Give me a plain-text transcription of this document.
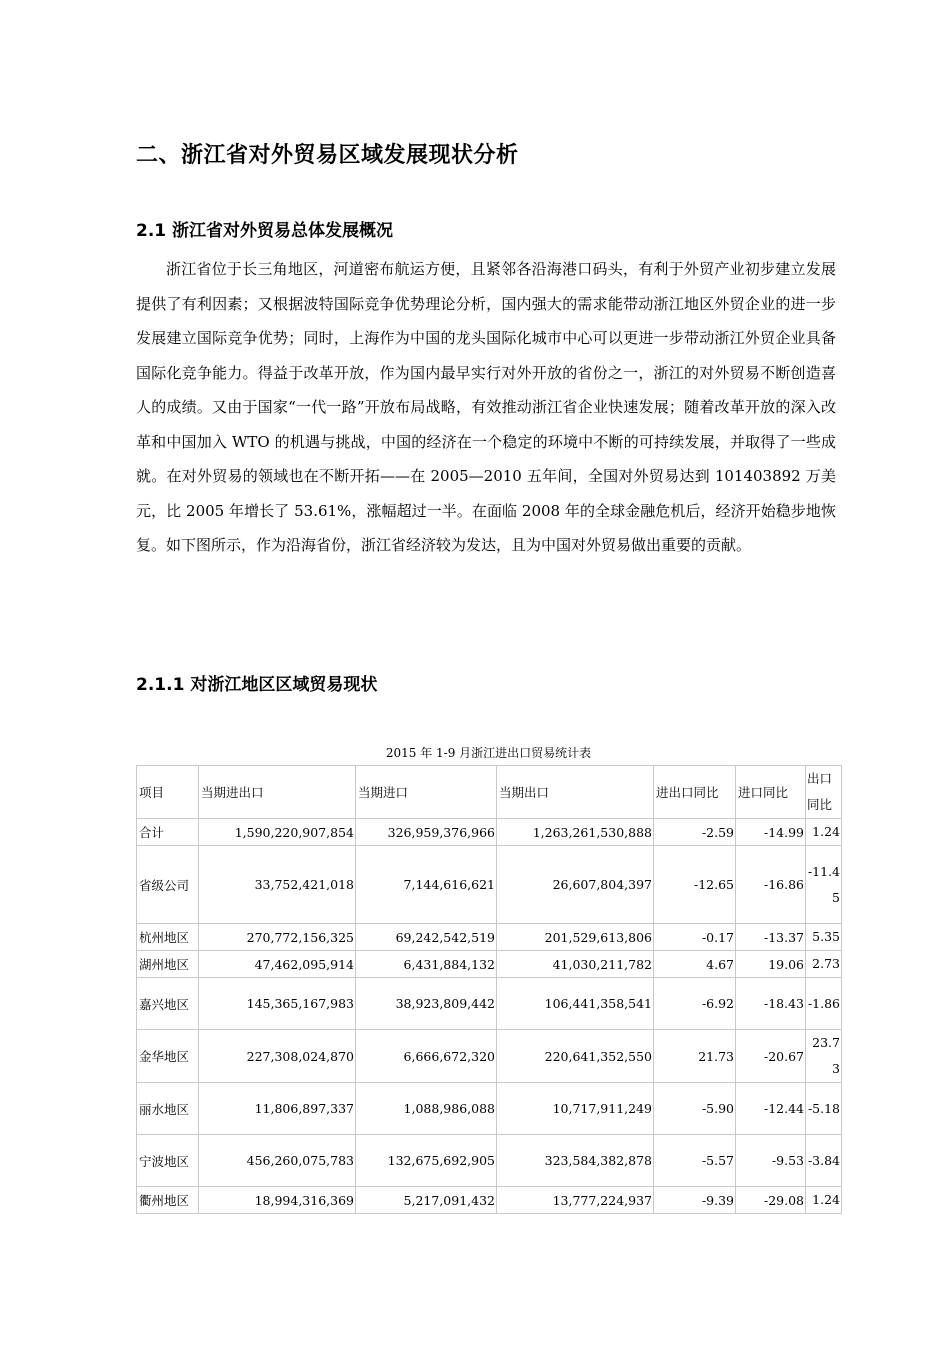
二、浙江省对外贸易区域发展现状分析
2.1 浙江省对外贸易总体发展概况
浙江省位于长三角地区，河道密布航运方便，且紧邻各沿海港口码头，有利于外贸产业初步建立发展提供了有利因素；又根据波特国际竞争优势理论分析，国内强大的需求能带动浙江地区外贸企业的进一步发展建立国际竞争优势；同时，上海作为中国的龙头国际化城市中心可以更进一步带动浙江外贸企业具备国际化竞争能力。得益于改革开放，作为国内最早实行对外开放的省份之一，浙江的对外贸易不断创造喜人的成绩。又由于国家“一代一路”开放布局战略，有效推动浙江省企业快速发展；随着改革开放的深入改革和中国加入 WTO 的机遇与挑战，中国的经济在一个稳定的环境中不断的可持续发展，并取得了一些成就。在对外贸易的领域也在不断开拓——在 2005—2010 五年间，全国对外贸易达到 101403892 万美元，比 2005 年增长了 53.61%，涨幅超过一半。在面临 2008 年的全球金融危机后，经济开始稳步地恢复。如下图所示，作为沿海省份，浙江省经济较为发达，且为中国对外贸易做出重要的贡献。
2.1.1 对浙江地区区域贸易现状
2015 年 1-9 月浙江进出口贸易统计表
项目	当期进出口	当期进口	当期出口	进出口同比	进口同比	出口同比
合计	1,590,220,907,854	326,959,376,966	1,263,261,530,888	-2.59	-14.99	1.24
省级公司	33,752,421,018	7,144,616,621	26,607,804,397	-12.65	-16.86	-11.45
杭州地区	270,772,156,325	69,242,542,519	201,529,613,806	-0.17	-13.37	5.35
湖州地区	47,462,095,914	6,431,884,132	41,030,211,782	4.67	19.06	2.73
嘉兴地区	145,365,167,983	38,923,809,442	106,441,358,541	-6.92	-18.43	-1.86
金华地区	227,308,024,870	6,666,672,320	220,641,352,550	21.73	-20.67	23.73
丽水地区	11,806,897,337	1,088,986,088	10,717,911,249	-5.90	-12.44	-5.18
宁波地区	456,260,075,783	132,675,692,905	323,584,382,878	-5.57	-9.53	-3.84
衢州地区	18,994,316,369	5,217,091,432	13,777,224,937	-9.39	-29.08	1.24
